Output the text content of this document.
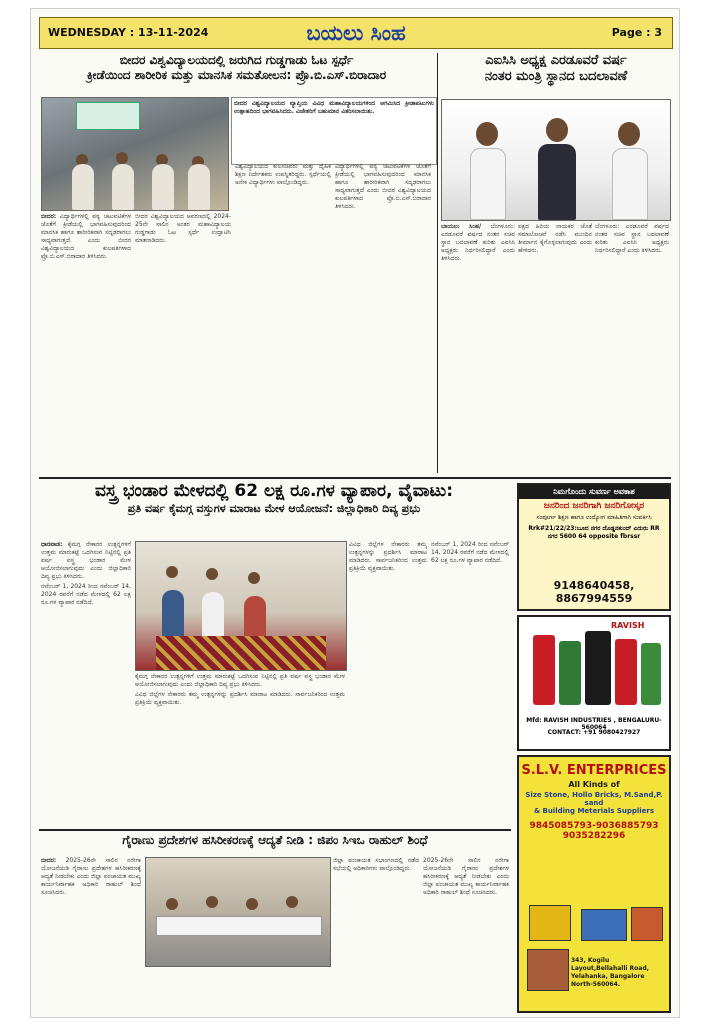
WEDNESDAY : 13-11-2024	ಬಯಲು ಸಿಂಹ	Page : 3
ಬೀದರ ವಿಶ್ವವಿದ್ಯಾಲಯದಲ್ಲಿ ಜರುಗಿದ ಗುಡ್ಡಗಾಡು ಓಟ ಸ್ಪರ್ಧೆ
ಕ್ರೀಡೆಯಿಂದ ಶಾರೀರಿಕ ಮತ್ತು ಮಾನಸಿಕ ಸಮತೋಲನ: ಪ್ರೊ.ಬಿ.ಎಸ್.ಬಿರಾದಾರ

ಬೀದರ ವಿಶ್ವವಿದ್ಯಾಲಯದ ವ್ಯಾಪ್ತಿಯ ವಿವಿಧ ಮಹಾವಿದ್ಯಾಲಯಗಳಿಂದ ಆಗಮಿಸಿದ ಕ್ರೀಡಾಪಟುಗಳು ಉತ್ಸಾಹದಿಂದ ಭಾಗವಹಿಸಿದರು. ವಿಜೇತರಿಗೆ ಬಹುಮಾನ ವಿತರಿಸಲಾಯಿತು.

ಬೀದರ: ವಿದ್ಯಾರ್ಥಿಗಳಲ್ಲಿ ಪಠ್ಯ ಚಟುವಟಿಕೆಗಳ ಜೊತೆಗೆ ಕ್ರೀಡೆಯಲ್ಲಿ ಭಾಗವಹಿಸುವುದರಿಂದ ಮಾನಸಿಕ ಹಾಗೂ ಶಾರೀರಿಕವಾಗಿ ಸದೃಢರಾಗಲು ಸಾಧ್ಯವಾಗುತ್ತದೆ ಎಂದು ಬೀದರ ವಿಶ್ವವಿದ್ಯಾಲಯದ ಕುಲಪತಿಗಳಾದ ಪ್ರೊ.ಬಿ.ಎಸ್.ಬಿರಾದಾರ ತಿಳಿಸಿದರು.

ಬೀದರ ವಿಶ್ವವಿದ್ಯಾಲಯದ ಆವರಣದಲ್ಲಿ 2024-25ನೇ ಸಾಲಿನ ಅಂತರ ಮಹಾವಿದ್ಯಾಲಯ ಗುಡ್ಡಗಾಡು ಓಟ ಸ್ಪರ್ಧೆ ಉದ್ಘಾಟಿಸಿ ಮಾತನಾಡಿದರು.

ವಿಶ್ವವಿದ್ಯಾಲಯದ ಕುಲಸಚಿವರು ಮತ್ತು ದೈಹಿಕ ಶಿಕ್ಷಣ ನಿರ್ದೇಶಕರು ಉಪಸ್ಥಿತರಿದ್ದರು. ಸ್ಪರ್ಧೆಯಲ್ಲಿ ಅನೇಕ ವಿದ್ಯಾರ್ಥಿಗಳು ಪಾಲ್ಗೊಂಡಿದ್ದರು.

ವಿದ್ಯಾರ್ಥಿಗಳಲ್ಲಿ ಪಠ್ಯ ಚಟುವಟಿಕೆಗಳ ಜೊತೆಗೆ ಕ್ರೀಡೆಯಲ್ಲಿ ಭಾಗವಹಿಸುವುದರಿಂದ ಮಾನಸಿಕ ಹಾಗೂ ಶಾರೀರಿಕವಾಗಿ ಸದೃಢರಾಗಲು ಸಾಧ್ಯವಾಗುತ್ತದೆ ಎಂದು ಬೀದರ ವಿಶ್ವವಿದ್ಯಾಲಯದ ಕುಲಪತಿಗಳಾದ ಪ್ರೊ.ಬಿ.ಎಸ್.ಬಿರಾದಾರ ತಿಳಿಸಿದರು.

ಎಐಸಿಸಿ ಅಧ್ಯಕ್ಷ ಎರಡೂವರೆ ವರ್ಷ
ನಂತರ ಮಂತ್ರಿ ಸ್ಥಾನದ ಬದಲಾವಣೆ

ಬಾಯಲು ಸಿಂಹ/ ಬೆಂಗಳೂರು: ಎರಡೂವರೆ ವರ್ಷದ ನಂತರ ಸಚಿವ ಸ್ಥಾನ ಬದಲಾವಣೆ ಕುರಿತು ಎಐಸಿಸಿ ಅಧ್ಯಕ್ಷರು ನಿರ್ಧರಿಸಲಿದ್ದಾರೆ ಎಂದು ತಿಳಿಸಿದರು.

ಪಕ್ಷದ ಹಿರಿಯ ನಾಯಕರ ಜೊತೆ ಸಮಾಲೋಚನೆ ನಡೆಸಿ ಮುಂದಿನ ತೀರ್ಮಾನ ಕೈಗೊಳ್ಳಲಾಗುವುದು ಎಂದು ಹೇಳಿದರು.

ಬೆಂಗಳೂರು: ಎರಡೂವರೆ ವರ್ಷದ ನಂತರ ಸಚಿವ ಸ್ಥಾನ ಬದಲಾವಣೆ ಕುರಿತು ಎಐಸಿಸಿ ಅಧ್ಯಕ್ಷರು ನಿರ್ಧರಿಸಲಿದ್ದಾರೆ ಎಂದು ತಿಳಿಸಿದರು.

ವಸ್ತ್ರ ಭಂಡಾರ ಮೇಳದಲ್ಲಿ 62 ಲಕ್ಷ ರೂ.ಗಳ ವ್ಯಾಪಾರ, ವೈವಾಟು:
ಪ್ರತಿ ವರ್ಷ ಕೈಮಗ್ಗ ವಸ್ತುಗಳ ಮಾರಾಟ ಮೇಳ ಆಯೋಜನೆ: ಜಿಲ್ಲಾಧಿಕಾರಿ ದಿವ್ಯ ಪ್ರಭು

ಧಾರವಾಡ: ಕೈಮಗ್ಗ ನೇಕಾರರ ಉತ್ಪನ್ನಗಳಿಗೆ ಉತ್ತಮ ಮಾರುಕಟ್ಟೆ ಒದಗಿಸುವ ನಿಟ್ಟಿನಲ್ಲಿ ಪ್ರತಿ ವರ್ಷ ವಸ್ತ್ರ ಭಂಡಾರ ಮೇಳ ಆಯೋಜಿಸಲಾಗುವುದು ಎಂದು ಜಿಲ್ಲಾಧಿಕಾರಿ ದಿವ್ಯ ಪ್ರಭು ತಿಳಿಸಿದರು.

ನವೆಂಬರ್ 1, 2024 ರಿಂದ ನವೆಂಬರ್ 14, 2024 ರವರೆಗೆ ನಡೆದ ಮೇಳದಲ್ಲಿ 62 ಲಕ್ಷ ರೂ.ಗಳ ವ್ಯಾಪಾರ ನಡೆದಿದೆ.

ವಿವಿಧ ಜಿಲ್ಲೆಗಳ ನೇಕಾರರು ತಮ್ಮ ಉತ್ಪನ್ನಗಳನ್ನು ಪ್ರದರ್ಶಿಸಿ ಮಾರಾಟ ಮಾಡಿದರು. ಸಾರ್ವಜನಿಕರಿಂದ ಉತ್ತಮ ಪ್ರತಿಕ್ರಿಯೆ ವ್ಯಕ್ತವಾಯಿತು.

ನವೆಂಬರ್ 1, 2024 ರಿಂದ ನವೆಂಬರ್ 14, 2024 ರವರೆಗೆ ನಡೆದ ಮೇಳದಲ್ಲಿ 62 ಲಕ್ಷ ರೂ.ಗಳ ವ್ಯಾಪಾರ ನಡೆದಿದೆ.

ಕೈಮಗ್ಗ ನೇಕಾರರ ಉತ್ಪನ್ನಗಳಿಗೆ ಉತ್ತಮ ಮಾರುಕಟ್ಟೆ ಒದಗಿಸುವ ನಿಟ್ಟಿನಲ್ಲಿ ಪ್ರತಿ ವರ್ಷ ವಸ್ತ್ರ ಭಂಡಾರ ಮೇಳ ಆಯೋಜಿಸಲಾಗುವುದು ಎಂದು ಜಿಲ್ಲಾಧಿಕಾರಿ ದಿವ್ಯ ಪ್ರಭು ತಿಳಿಸಿದರು.

ವಿವಿಧ ಜಿಲ್ಲೆಗಳ ನೇಕಾರರು ತಮ್ಮ ಉತ್ಪನ್ನಗಳನ್ನು ಪ್ರದರ್ಶಿಸಿ ಮಾರಾಟ ಮಾಡಿದರು. ಸಾರ್ವಜನಿಕರಿಂದ ಉತ್ತಮ ಪ್ರತಿಕ್ರಿಯೆ ವ್ಯಕ್ತವಾಯಿತು.

ಗೈರಾಣು ಪ್ರದೇಶಗಳ ಹಸಿರೀಕರಣಕ್ಕೆ ಆದ್ಯತೆ ನೀಡಿ : ಜಿಪಂ ಸಿಇಒ ರಾಹುಲ್ ಶಿಂಧೆ

ಬೀದರ: 2025-26ನೇ ಸಾಲಿನ ನರೇಗಾ ಯೋಜನೆಯಡಿ ಗೈರಾಣು ಪ್ರದೇಶಗಳ ಹಸಿರೀಕರಣಕ್ಕೆ ಆದ್ಯತೆ ನೀಡಬೇಕು ಎಂದು ಜಿಲ್ಲಾ ಪಂಚಾಯತ ಮುಖ್ಯ ಕಾರ್ಯನಿರ್ವಾಹಕ ಅಧಿಕಾರಿ ರಾಹುಲ್ ಶಿಂಧೆ ಸೂಚಿಸಿದರು.

ಜಿಲ್ಲಾ ಪಂಚಾಯತ ಸಭಾಂಗಣದಲ್ಲಿ ನಡೆದ ಸಭೆಯಲ್ಲಿ ಅಧಿಕಾರಿಗಳು ಪಾಲ್ಗೊಂಡಿದ್ದರು.

2025-26ನೇ ಸಾಲಿನ ನರೇಗಾ ಯೋಜನೆಯಡಿ ಗೈರಾಣು ಪ್ರದೇಶಗಳ ಹಸಿರೀಕರಣಕ್ಕೆ ಆದ್ಯತೆ ನೀಡಬೇಕು ಎಂದು ಜಿಲ್ಲಾ ಪಂಚಾಯತ ಮುಖ್ಯ ಕಾರ್ಯನಿರ್ವಾಹಕ ಅಧಿಕಾರಿ ರಾಹುಲ್ ಶಿಂಧೆ ಸೂಚಿಸಿದರು.

ನಿಮಗೊಂದು ಸುವರ್ಣ ಅವಕಾಶ
ಜನರಿಂದ ಜನರಿಗಾಗಿ ಜನರಿಗೋಸ್ಕರ
ಸಂಪೂರ್ಣ ಶಿಕ್ಷಣ ಹಾಗೂ ಉದ್ಯೋಗ ಮಾಹಿತಿಗಾಗಿ ಸಂಪರ್ಕಿಸಿ
Rrk#21/22/23:ಬೂದ ನಗರ ದೊಡ್ಡನಕುಂದ್ ಎದುರು RR ನಗರ 5600 64 opposite fbrssr
9148640458, 8867994559
RAVISH
Mfd: RAVISH INDUSTRIES , BENGALURU-560064
CONTACT: +91 9080427927
S.L.V. ENTERPRICES
All Kinds of
Size Stone, Hollo Bricks, M.Sand,P. sand
& Building Meterials Suppliers
9845085793-9036885793
9035282296
343, Kogilu Layout,Bellahalli Road, Yelahanka, Bangalore North-560064.
